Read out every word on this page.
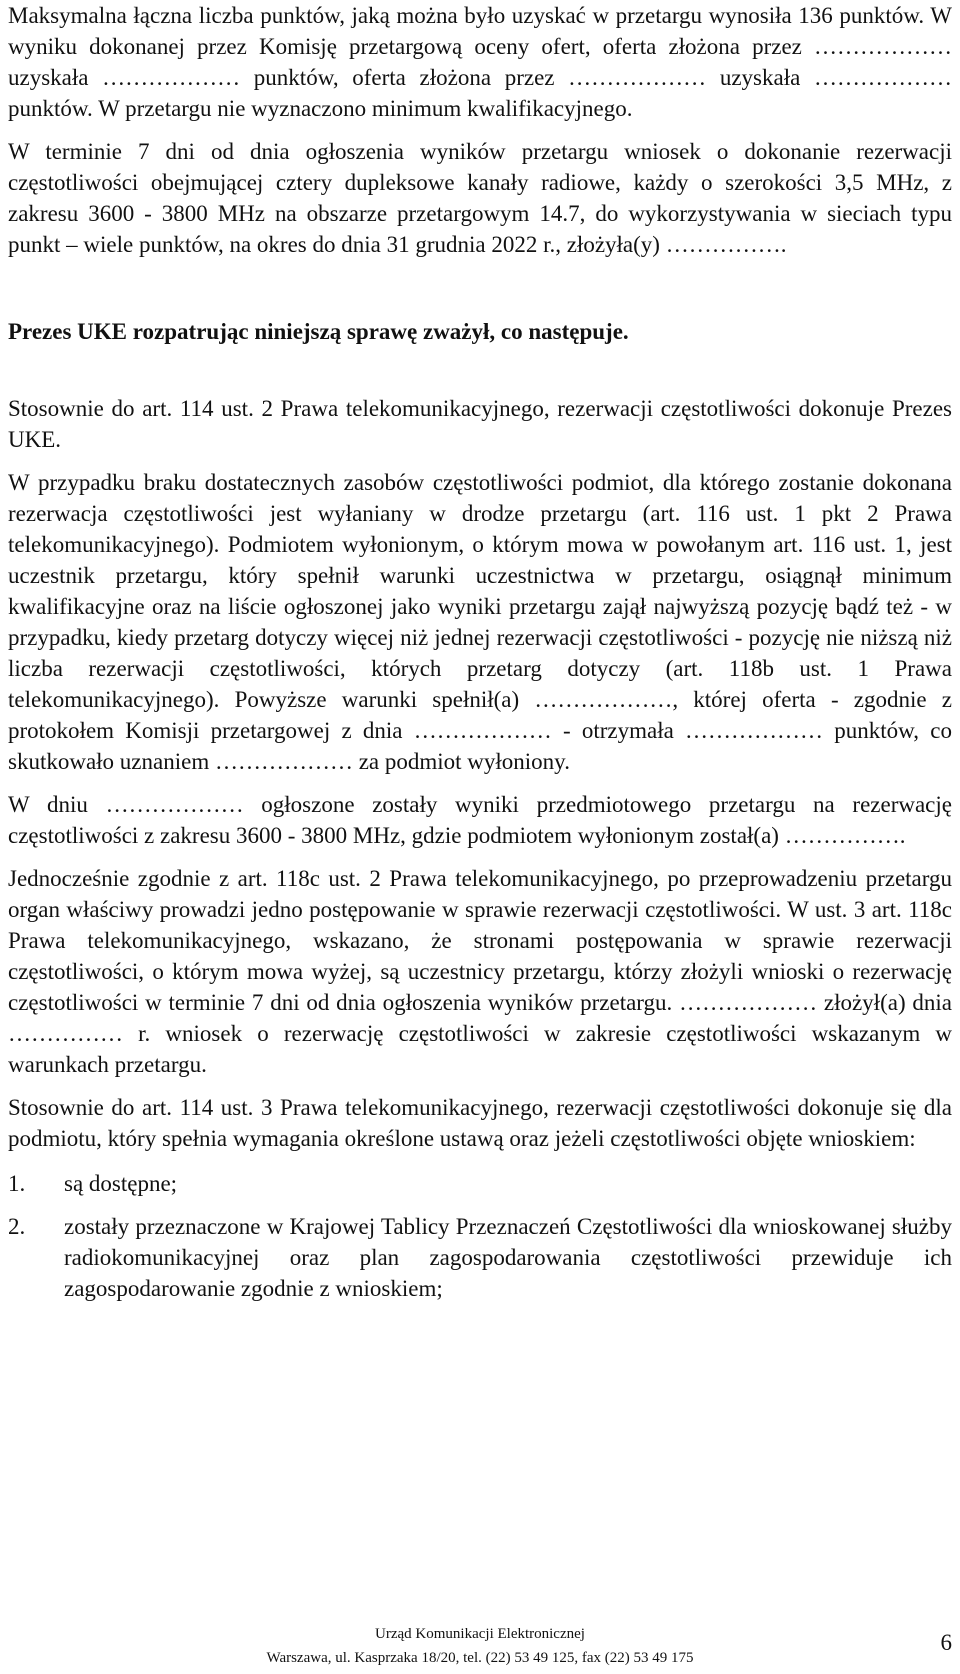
Maksymalna łączna liczba punktów, jaką można było uzyskać w przetargu wynosiła 136 punktów. W wyniku dokonanej przez Komisję przetargową oceny ofert, oferta złożona przez ……………… uzyskała ……………… punktów, oferta złożona przez ……………… uzyskała ……………… punktów. W przetargu nie wyznaczono minimum kwalifikacyjnego.

W terminie 7 dni od dnia ogłoszenia wyników przetargu wniosek o dokonanie rezerwacji częstotliwości obejmującej cztery dupleksowe kanały radiowe, każdy o szerokości 3,5 MHz, z zakresu 3600 - 3800 MHz na obszarze przetargowym 14.7, do wykorzystywania w sieciach typu punkt – wiele punktów, na okres do dnia 31 grudnia 2022 r., złożyła(y) …………….

Prezes UKE rozpatrując niniejszą sprawę zważył, co następuje.

Stosownie do art. 114 ust. 2 Prawa telekomunikacyjnego, rezerwacji częstotliwości dokonuje Prezes UKE.

W przypadku braku dostatecznych zasobów częstotliwości podmiot, dla którego zostanie dokonana rezerwacja częstotliwości jest wyłaniany w drodze przetargu (art. 116 ust. 1 pkt 2 Prawa telekomunikacyjnego). Podmiotem wyłonionym, o którym mowa w powołanym art. 116 ust. 1, jest uczestnik przetargu, który spełnił warunki uczestnictwa w przetargu, osiągnął minimum kwalifikacyjne oraz na liście ogłoszonej jako wyniki przetargu zajął najwyższą pozycję bądź też - w przypadku, kiedy przetarg dotyczy więcej niż jednej rezerwacji częstotliwości - pozycję nie niższą niż liczba rezerwacji częstotliwości, których przetarg dotyczy (art. 118b ust. 1 Prawa telekomunikacyjnego). Powyższe warunki spełnił(a) ………………, której oferta - zgodnie z protokołem Komisji przetargowej z dnia ……………… - otrzymała ……………… punktów, co skutkowało uznaniem ……………… za podmiot wyłoniony.

W dniu ……………… ogłoszone zostały wyniki przedmiotowego przetargu na rezerwację częstotliwości z zakresu 3600 - 3800 MHz, gdzie podmiotem wyłonionym został(a) …………….

Jednocześnie zgodnie z art. 118c ust. 2 Prawa telekomunikacyjnego, po przeprowadzeniu przetargu organ właściwy prowadzi jedno postępowanie w sprawie rezerwacji częstotliwości. W ust. 3 art. 118c Prawa telekomunikacyjnego, wskazano, że stronami postępowania w sprawie rezerwacji częstotliwości, o którym mowa wyżej, są uczestnicy przetargu, którzy złożyli wnioski o rezerwację częstotliwości w terminie 7 dni od dnia ogłoszenia wyników przetargu. ……………… złożył(a) dnia …………… r. wniosek o rezerwację częstotliwości w zakresie częstotliwości wskazanym w warunkach przetargu.

Stosownie do art. 114 ust. 3 Prawa telekomunikacyjnego, rezerwacji częstotliwości dokonuje się dla podmiotu, który spełnia wymagania określone ustawą oraz jeżeli częstotliwości objęte wnioskiem:

1.	są dostępne;
2.	zostały przeznaczone w Krajowej Tablicy Przeznaczeń Częstotliwości dla wnioskowanej służby radiokomunikacyjnej oraz plan zagospodarowania częstotliwości przewiduje ich zagospodarowanie zgodnie z wnioskiem;
Urząd Komunikacji Elektronicznej
Warszawa, ul. Kasprzaka 18/20, tel. (22) 53 49 125, fax (22) 53 49 175
6
